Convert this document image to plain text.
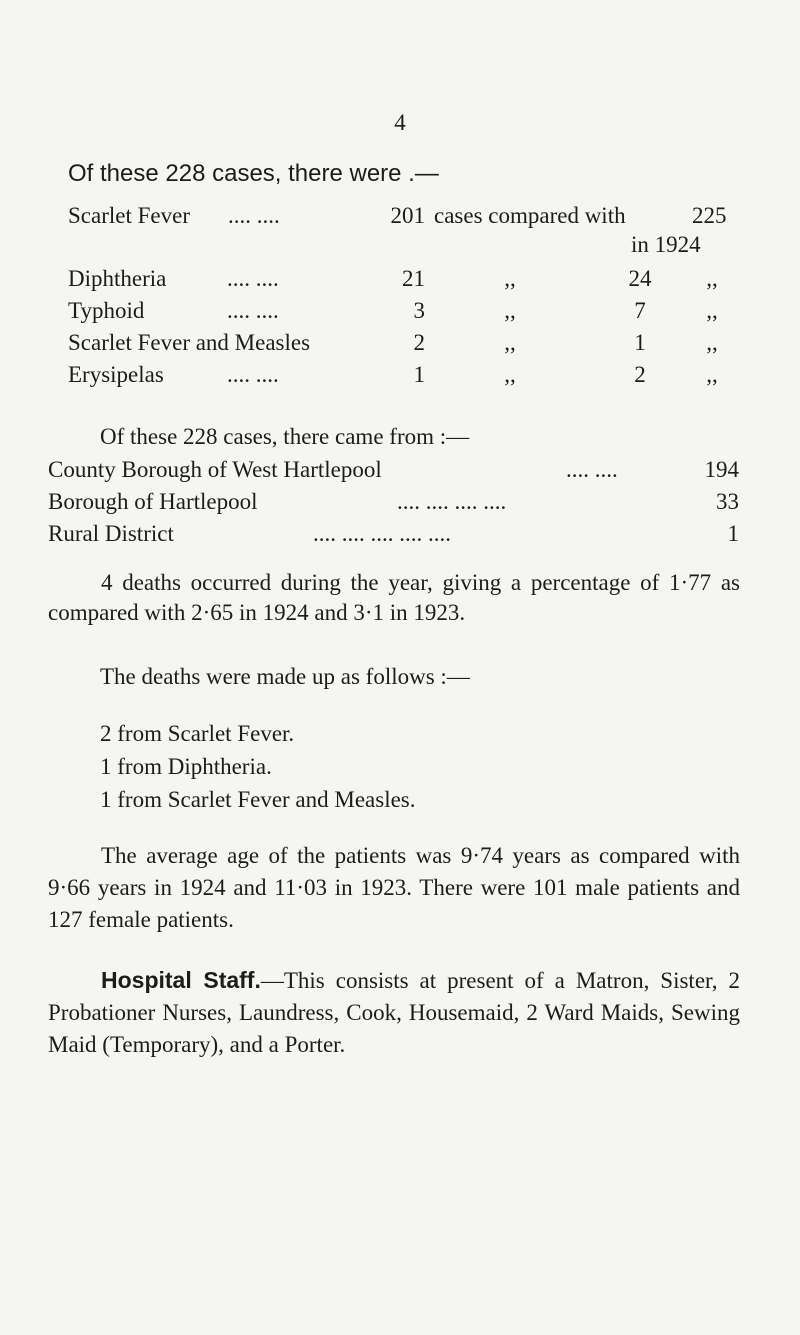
4
Of these 228 cases, there were .—
Scarlet Fever .... ....	201 cases compared with	225
in 1924
Diphtheria	.... ....	21	,,	24	,,
Typhoid	.... ....	3	,,	7	,,
Scarlet Fever and Measles	2	,,	1	,,
Erysipelas	.... ....	1	,,	2	,,
Of these 228 cases, there came from :—
County Borough of West Hartlepool	.... ....	194
Borough of Hartlepool	.... .... .... ....	33
Rural District	.... .... .... .... ....	1
4 deaths occurred during the year, giving a percentage of 1·77 as compared with 2·65 in 1924 and 3·1 in 1923.
The deaths were made up as follows :—
2 from Scarlet Fever.
1 from Diphtheria.
1 from Scarlet Fever and Measles.
The average age of the patients was 9·74 years as compared with 9·66 years in 1924 and 11·03 in 1923. There were 101 male patients and 127 female patients.
Hospital Staff.—This consists at present of a Matron, Sister, 2 Probationer Nurses, Laundress, Cook, Housemaid, 2 Ward Maids, Sewing Maid (Temporary), and a Porter.
